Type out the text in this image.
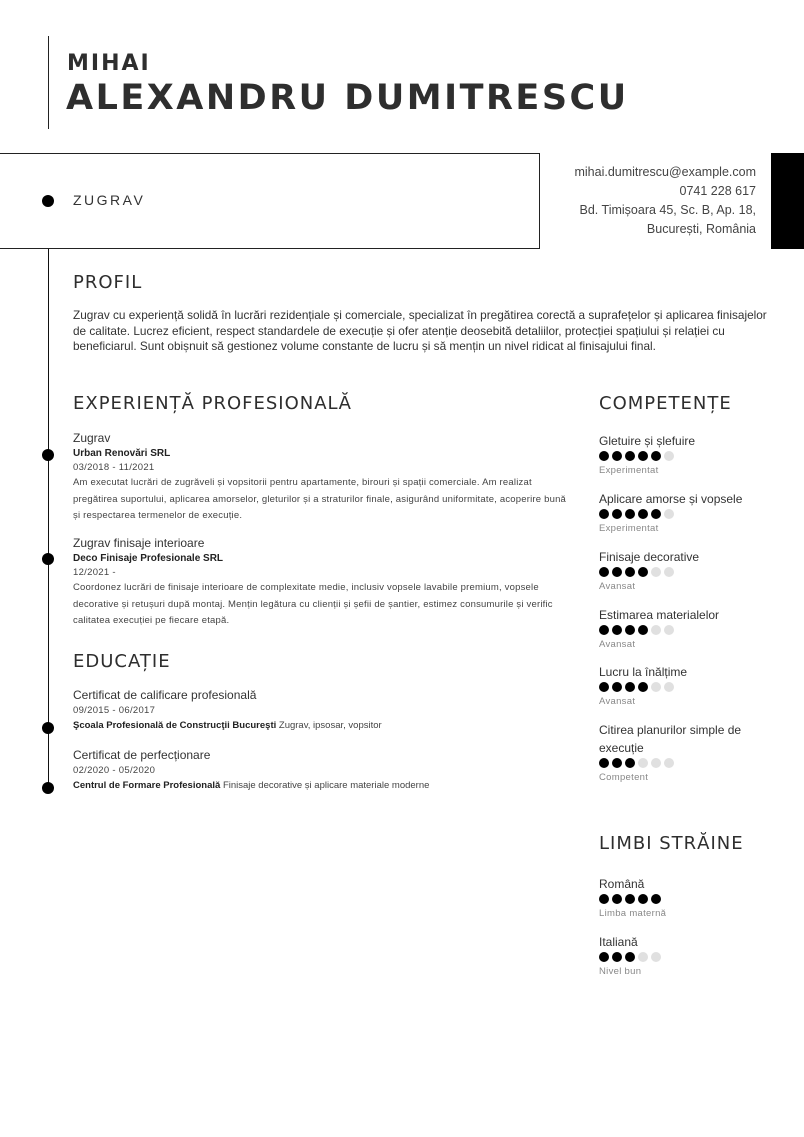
MIHAI
ALEXANDRU DUMITRESCU
ZUGRAV
mihai.dumitrescu@example.com
0741 228 617
Bd. Timișoara 45, Sc. B, Ap. 18,
București, România
PROFIL
Zugrav cu experiență solidă în lucrări rezidențiale și comerciale, specializat în pregătirea corectă a suprafețelor și aplicarea finisajelor de calitate. Lucrez eficient, respect standardele de execuție și ofer atenție deosebită detaliilor, protecției spațiului și relației cu beneficiarul. Sunt obișnuit să gestionez volume constante de lucru și să mențin un nivel ridicat al finisajului final.
EXPERIENȚĂ PROFESIONALĂ
Zugrav
Urban Renovări SRL
03/2018 - 11/2021
Am executat lucrări de zugrăveli și vopsitorii pentru apartamente, birouri și spații comerciale. Am realizat pregătirea suportului, aplicarea amorselor, gleturilor și a straturilor finale, asigurând uniformitate, acoperire bună și respectarea termenelor de execuție.
Zugrav finisaje interioare
Deco Finisaje Profesionale SRL
12/2021 -
Coordonez lucrări de finisaje interioare de complexitate medie, inclusiv vopsele lavabile premium, vopsele decorative și retușuri după montaj. Mențin legătura cu clienții și șefii de șantier, estimez consumurile și verific calitatea execuției pe fiecare etapă.
EDUCAȚIE
Certificat de calificare profesională
09/2015 - 06/2017
Şcoala Profesională de Construcţii Bucureşti Zugrav, ipsosar, vopsitor
Certificat de perfecționare
02/2020 - 05/2020
Centrul de Formare Profesională Finisaje decorative și aplicare materiale moderne
COMPETENȚE
Gletuire și șlefuire
Experimentat
Aplicare amorse și vopsele
Experimentat
Finisaje decorative
Avansat
Estimarea materialelor
Avansat
Lucru la înălțime
Avansat
Citirea planurilor simple de execuție
Competent
LIMBI STRĂINE
Română
Limba maternă
Italiană
Nivel bun
